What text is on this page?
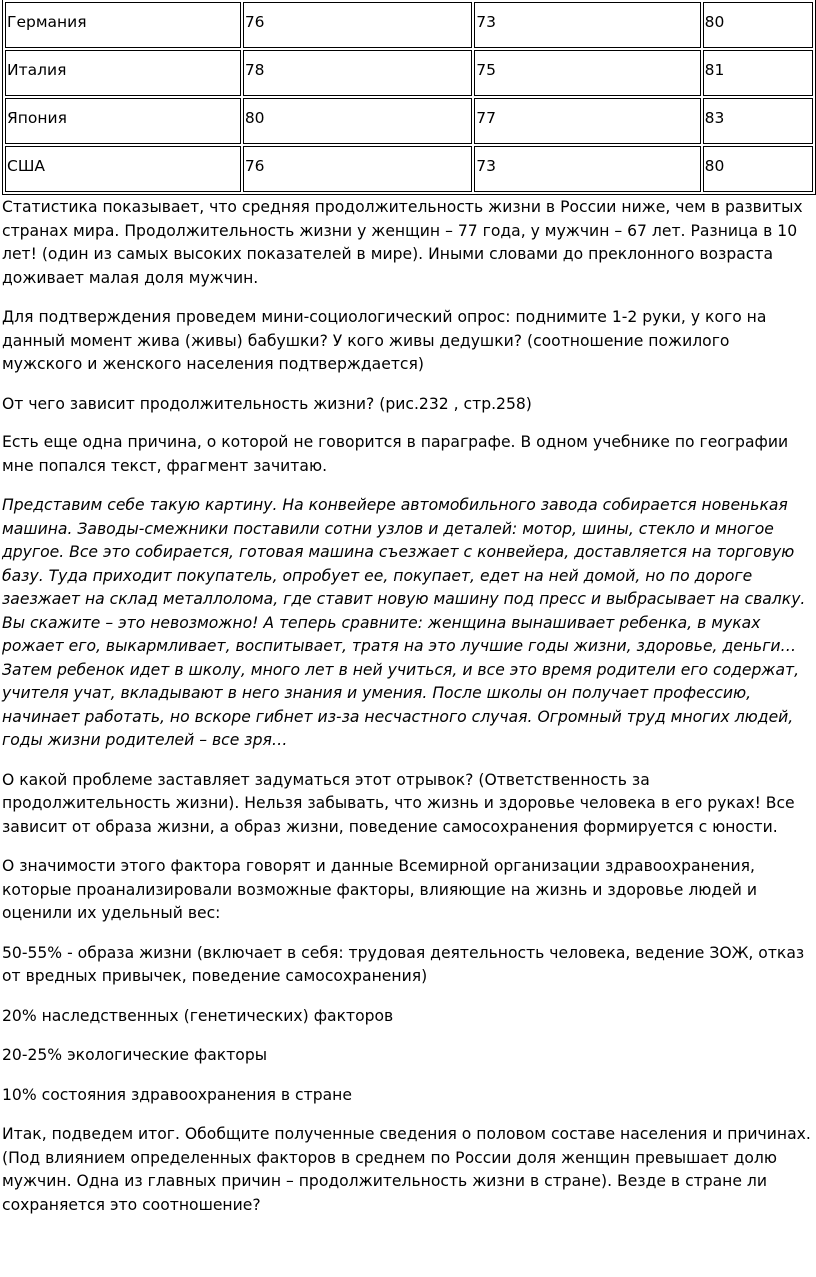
Германия	76	73	80
Италия	78	75	81
Япония	80	77	83
США	76	73	80

Статистика показывает, что средняя продолжительность жизни в России ниже, чем в развитых странах мира. Продолжительность жизни у женщин – 77 года, у мужчин – 67 лет. Разница в 10 лет! (один из самых высоких показателей в мире). Иными словами до преклонного возраста доживает малая доля мужчин.

Для подтверждения проведем мини-социологический опрос: поднимите 1-2 руки, у кого на данный момент жива (живы) бабушки? У кого живы дедушки? (соотношение пожилого мужского и женского населения подтверждается)

От чего зависит продолжительность жизни? (рис.232 , стр.258)

Есть еще одна причина, о которой не говорится в параграфе. В одном учебнике по географии мне попался текст, фрагмент зачитаю.

Представим себе такую картину. На конвейере автомобильного завода собирается новенькая машина. Заводы-смежники поставили сотни узлов и деталей: мотор, шины, стекло и многое другое. Все это собирается, готовая машина съезжает с конвейера, доставляется на торговую базу. Туда приходит покупатель, опробует ее, покупает, едет на ней домой, но по дороге заезжает на склад металлолома, где ставит новую машину под пресс и выбрасывает на свалку. Вы скажите – это невозможно! А теперь сравните: женщина вынашивает ребенка, в муках рожает его, выкармливает, воспитывает, тратя на это лучшие годы жизни, здоровье, деньги… Затем ребенок идет в школу, много лет в ней учиться, и все это время родители его содержат, учителя учат, вкладывают в него знания и умения. После школы он получает профессию, начинает работать, но вскоре гибнет из-за несчастного случая. Огромный труд многих людей, годы жизни родителей – все зря…

О какой проблеме заставляет задуматься этот отрывок? (Ответственность за продолжительность жизни). Нельзя забывать, что жизнь и здоровье человека в его руках! Все зависит от образа жизни, а образ жизни, поведение самосохранения формируется с юности.

О значимости этого фактора говорят и данные Всемирной организации здравоохранения, которые проанализировали возможные факторы, влияющие на жизнь и здоровье людей и оценили их удельный вес:

50-55% - образа жизни (включает в себя: трудовая деятельность человека, ведение ЗОЖ, отказ от вредных привычек, поведение самосохранения)

20% наследственных (генетических) факторов

20-25% экологические факторы

10% состояния здравоохранения в стране

Итак, подведем итог. Обобщите полученные сведения о половом составе населения и причинах. (Под влиянием определенных факторов в среднем по России доля женщин превышает долю мужчин. Одна из главных причин – продолжительность жизни в стране). Везде в стране ли сохраняется это соотношение?
